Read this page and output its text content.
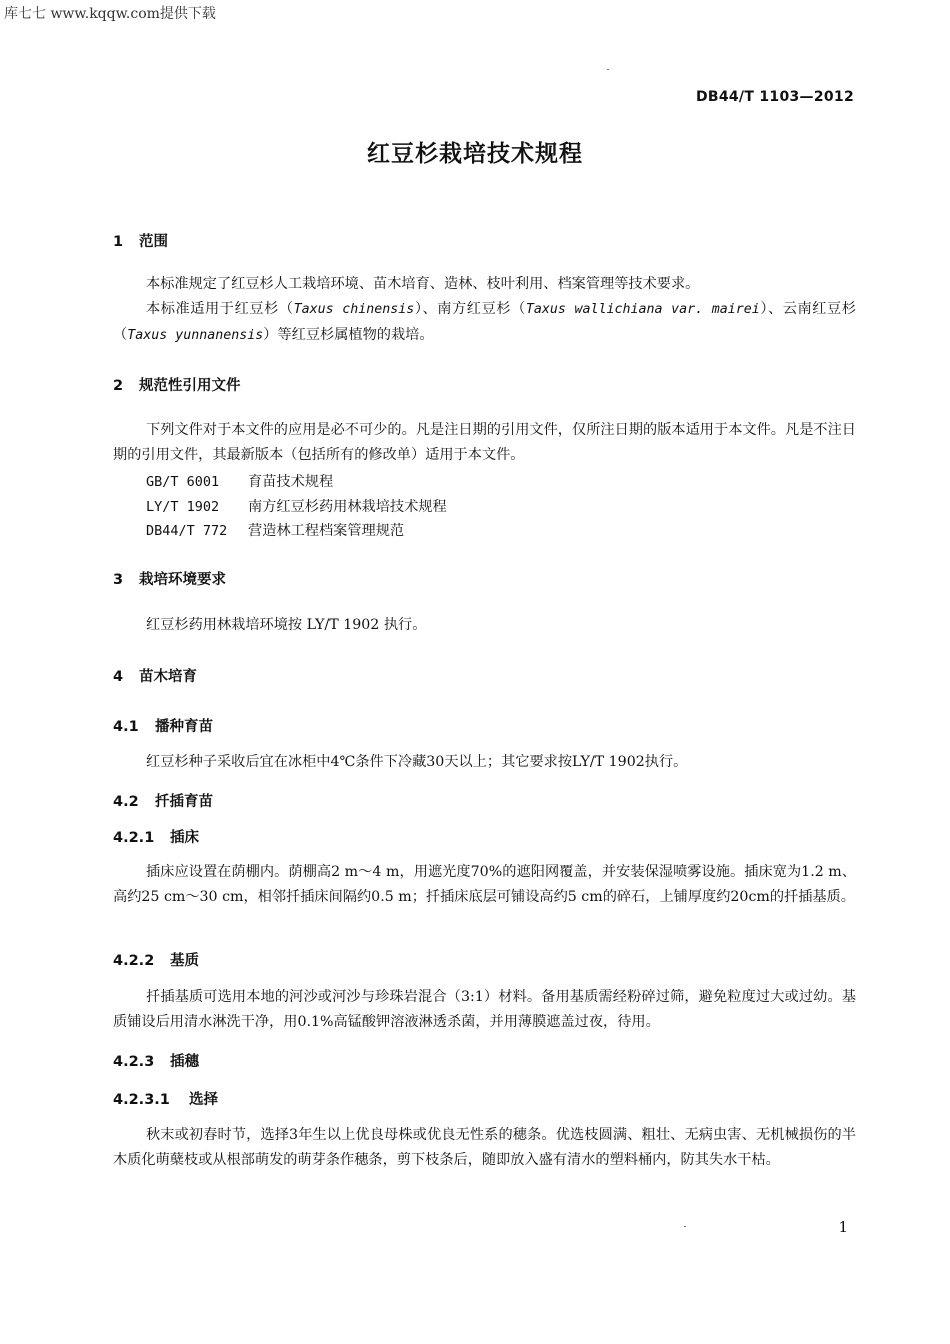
库七七 www.kqqw.com提供下载
DB44/T 1103—2012
红豆杉栽培技术规程
1 范围
本标准规定了红豆杉人工栽培环境、苗木培育、造林、枝叶利用、档案管理等技术要求。
本标准适用于红豆杉（Taxus chinensis）、南方红豆杉（Taxus wallichiana var. mairei）、云南红豆杉（Taxus yunnanensis）等红豆杉属植物的栽培。
2 规范性引用文件
下列文件对于本文件的应用是必不可少的。凡是注日期的引用文件，仅所注日期的版本适用于本文件。凡是不注日期的引用文件，其最新版本（包括所有的修改单）适用于本文件。
GB/T 6001 育苗技术规程
LY/T 1902 南方红豆杉药用林栽培技术规程
DB44/T 772 营造林工程档案管理规范
3 栽培环境要求
红豆杉药用林栽培环境按 LY/T 1902 执行。
4 苗木培育
4.1 播种育苗
红豆杉种子采收后宜在冰柜中4℃条件下冷藏30天以上；其它要求按LY/T 1902执行。
4.2 扦插育苗
4.2.1 插床
插床应设置在荫棚内。荫棚高2 m～4 m，用遮光度70%的遮阳网覆盖，并安装保湿喷雾设施。插床宽为1.2 m、高约25 cm～30 cm，相邻扦插床间隔约0.5 m；扦插床底层可铺设高约5 cm的碎石，上铺厚度约20cm的扦插基质。
4.2.2 基质
扦插基质可选用本地的河沙或河沙与珍珠岩混合（3:1）材料。备用基质需经粉碎过筛，避免粒度过大或过幼。基质铺设后用清水淋洗干净，用0.1%高锰酸钾溶液淋透杀菌，并用薄膜遮盖过夜，待用。
4.2.3 插穗
4.2.3.1 选择
秋末或初春时节，选择3年生以上优良母株或优良无性系的穗条。优选枝圆满、粗壮、无病虫害、无机械损伤的半木质化萌蘖枝或从根部萌发的萌芽条作穗条，剪下枝条后，随即放入盛有清水的塑料桶内，防其失水干枯。
1
